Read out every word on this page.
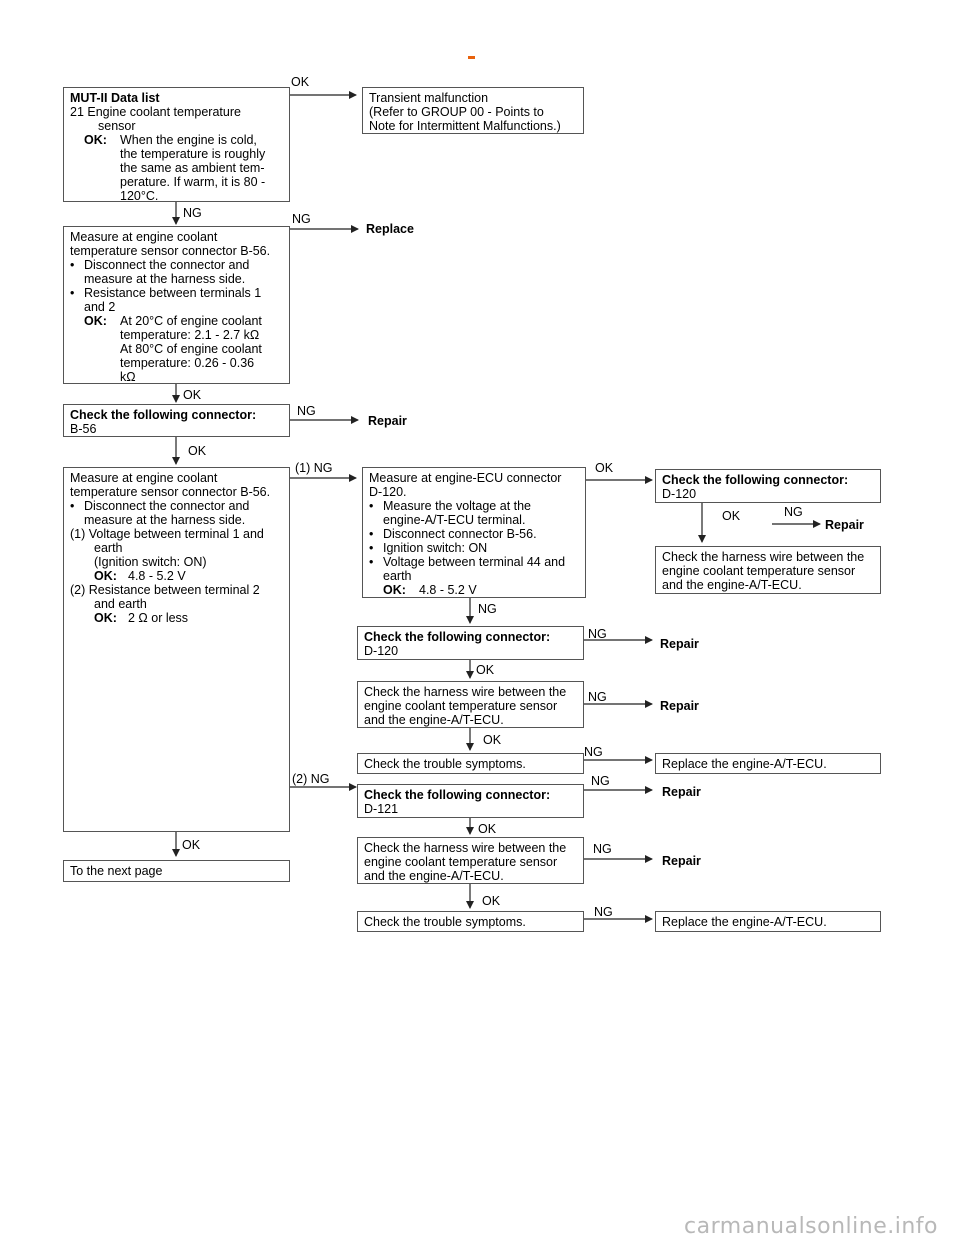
MUT-II Data list
21 Engine coolant temperature
sensor
OK: When the engine is cold,
the temperature is roughly
the same as ambient tem-
perature. If warm, it is 80 -
120°C.
Transient malfunction
(Refer to GROUP 00 - Points to
Note for Intermittent Malfunctions.)
Measure at engine coolant
temperature sensor connector B-56.
Disconnect the connector and
measure at the harness side.
Resistance between terminals 1
and 2
OK: At 20°C of engine coolant
temperature: 2.1 - 2.7 kΩ
At 80°C of engine coolant
temperature: 0.26 - 0.36
kΩ
Check the following connector:
B-56
Measure at engine coolant
temperature sensor connector B-56.
Disconnect the connector and
measure at the harness side.
(1) Voltage between terminal 1 and
earth
(Ignition switch: ON)
OK: 4.8 - 5.2 V
(2) Resistance between terminal 2
and earth
OK: 2 Ω or less
Measure at engine-ECU connector
D-120.
Measure the voltage at the
engine-A/T-ECU terminal.
Disconnect connector B-56.
Ignition switch: ON
Voltage between terminal 44 and
earth
OK: 4.8 - 5.2 V
Check the following connector:
D-120
Check the harness wire between the
engine coolant temperature sensor
and the engine-A/T-ECU.
Check the following connector:
D-120
Check the harness wire between the
engine coolant temperature sensor
and the engine-A/T-ECU.
Check the trouble symptoms.	Replace the engine-A/T-ECU.
Check the following connector:
D-121
To the next page
Check the harness wire between the
engine coolant temperature sensor
and the engine-A/T-ECU.
Check the trouble symptoms.	Replace the engine-A/T-ECU.
OK
NG	NG
OK
NG
OK
(1) NG	OK
OK	NG
NG
NG
OK
NG
OK
NG
(2) NG	NG
OK
OK	NG
OK
NG
Replace
Repair
Repair
Repair
Repair
Repair
Repair
carmanualsonline.info
